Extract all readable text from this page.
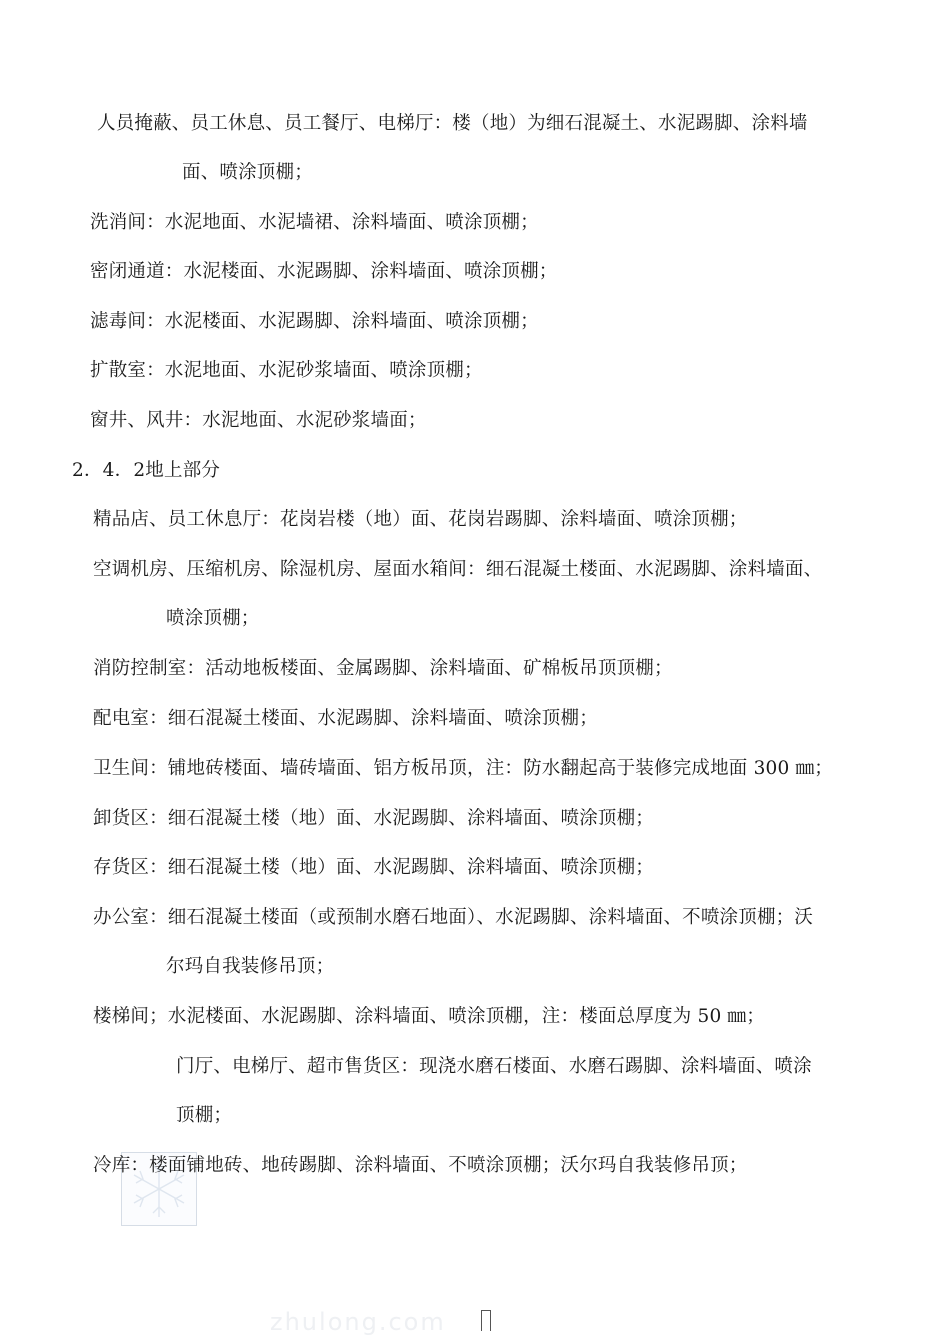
人员掩蔽、员工休息、员工餐厅、电梯厅：楼（地）为细石混凝土、水泥踢脚、涂料墙
面、喷涂顶棚；
洗消间：水泥地面、水泥墙裙、涂料墙面、喷涂顶棚；
密闭通道：水泥楼面、水泥踢脚、涂料墙面、喷涂顶棚；
滤毒间：水泥楼面、水泥踢脚、涂料墙面、喷涂顶棚；
扩散室：水泥地面、水泥砂浆墙面、喷涂顶棚；
窗井、风井：水泥地面、水泥砂浆墙面；
2．4．2地上部分
精品店、员工休息厅：花岗岩楼（地）面、花岗岩踢脚、涂料墙面、喷涂顶棚；
空调机房、压缩机房、除湿机房、屋面水箱间：细石混凝土楼面、水泥踢脚、涂料墙面、
喷涂顶棚；
消防控制室：活动地板楼面、金属踢脚、涂料墙面、矿棉板吊顶顶棚；
配电室：细石混凝土楼面、水泥踢脚、涂料墙面、喷涂顶棚；
卫生间：铺地砖楼面、墙砖墙面、铝方板吊顶，注：防水翻起高于装修完成地面 300 ㎜；
卸货区：细石混凝土楼（地）面、水泥踢脚、涂料墙面、喷涂顶棚；
存货区：细石混凝土楼（地）面、水泥踢脚、涂料墙面、喷涂顶棚；
办公室：细石混凝土楼面（或预制水磨石地面）、水泥踢脚、涂料墙面、不喷涂顶棚；沃
尔玛自我装修吊顶；
楼梯间；水泥楼面、水泥踢脚、涂料墙面、喷涂顶棚，注：楼面总厚度为 50 ㎜；
门厅、电梯厅、超市售货区：现浇水磨石楼面、水磨石踢脚、涂料墙面、喷涂
顶棚；
冷库：楼面铺地砖、地砖踢脚、涂料墙面、不喷涂顶棚；沃尔玛自我装修吊顶；
zhulong.com
